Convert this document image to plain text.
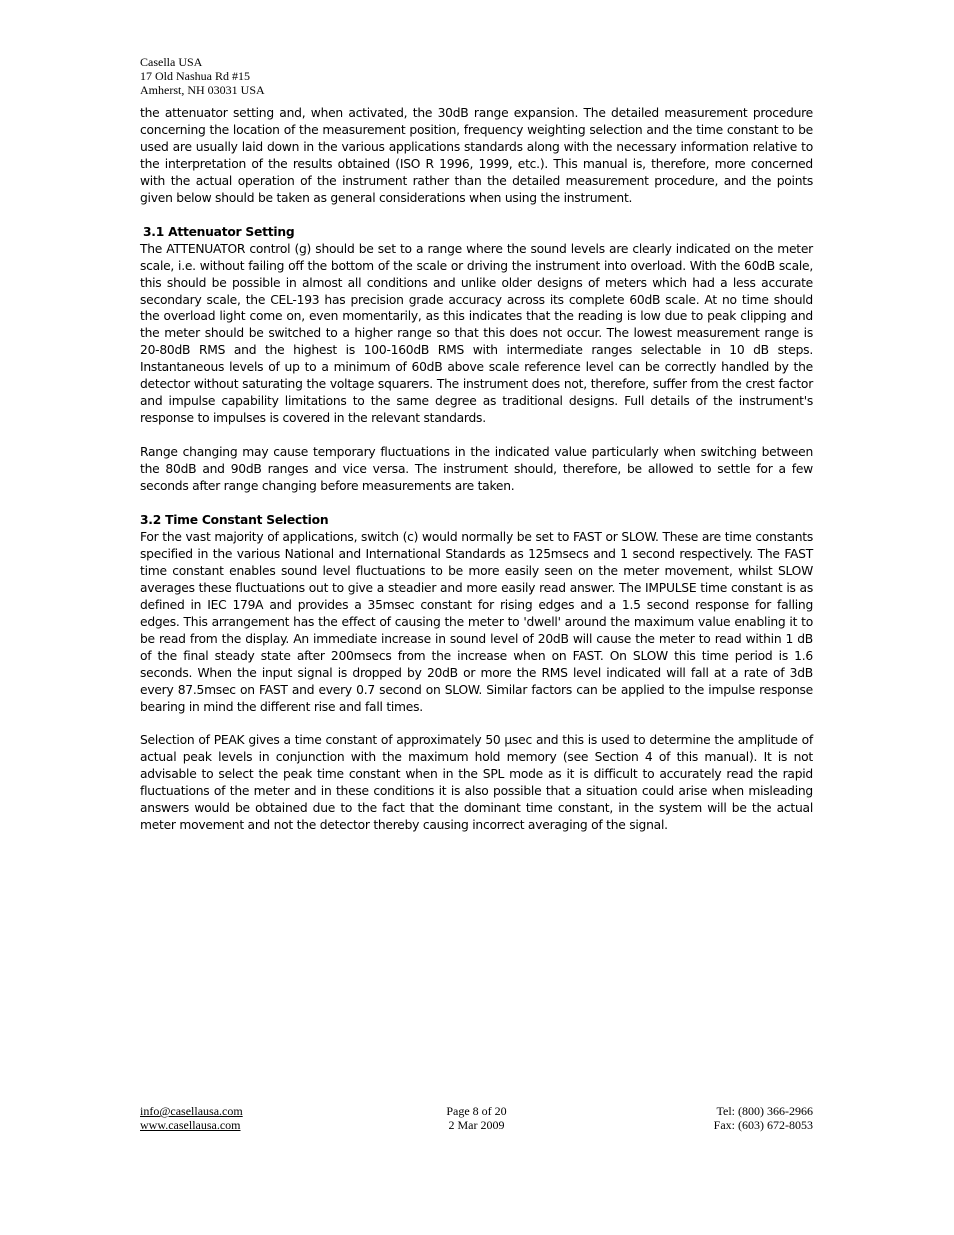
Casella USA
17 Old Nashua Rd #15
Amherst, NH 03031 USA

the attenuator setting and, when activated, the 30dB range expansion. The detailed measurement procedure concerning the location of the measurement position, frequency weighting selection and the time constant to be used are usually laid down in the various applications standards along with the necessary information relative to the interpretation of the results obtained (ISO R 1996, 1999, etc.). This manual is, therefore, more concerned with the actual operation of the instrument rather than the detailed measurement procedure, and the points given below should be taken as general considerations when using the instrument.

3.1 Attenuator Setting

The ATTENUATOR control (g) should be set to a range where the sound levels are clearly indicated on the meter scale, i.e. without failing off the bottom of the scale or driving the instrument into overload. With the 60dB scale, this should be possible in almost all conditions and unlike older designs of meters which had a less accurate secondary scale, the CEL-193 has precision grade accuracy across its complete 60dB scale. At no time should the overload light come on, even momentarily, as this indicates that the reading is low due to peak clipping and the meter should be switched to a higher range so that this does not occur. The lowest measurement range is 20-80dB RMS and the highest is 100-160dB RMS with intermediate ranges selectable in 10 dB steps. Instantaneous levels of up to a minimum of 60dB above scale reference level can be correctly handled by the detector without saturating the voltage squarers. The instrument does not, therefore, suffer from the crest factor and impulse capability limitations to the same degree as traditional designs. Full details of the instrument's response to impulses is covered in the relevant standards.

Range changing may cause temporary fluctuations in the indicated value particularly when switching between the 80dB and 90dB ranges and vice versa. The instrument should, therefore, be allowed to settle for a few seconds after range changing before measurements are taken.

3.2 Time Constant Selection

For the vast majority of applications, switch (c) would normally be set to FAST or SLOW. These are time constants specified in the various National and International Standards as 125msecs and 1 second respectively. The FAST time constant enables sound level fluctuations to be more easily seen on the meter movement, whilst SLOW averages these fluctuations out to give a steadier and more easily read answer. The IMPULSE time constant is as defined in IEC 179A and provides a 35msec constant for rising edges and a 1.5 second response for falling edges. This arrangement has the effect of causing the meter to 'dwell' around the maximum value enabling it to be read from the display. An immediate increase in sound level of 20dB will cause the meter to read within 1 dB of the final steady state after 200msecs from the increase when on FAST. On SLOW this time period is 1.6 seconds. When the input signal is dropped by 20dB or more the RMS level indicated will fall at a rate of 3dB every 87.5msec on FAST and every 0.7 second on SLOW. Similar factors can be applied to the impulse response bearing in mind the different rise and fall times.

Selection of PEAK gives a time constant of approximately 50 µsec and this is used to determine the amplitude of actual peak levels in conjunction with the maximum hold memory (see Section 4 of this manual). It is not advisable to select the peak time constant when in the SPL mode as it is difficult to accurately read the rapid fluctuations of the meter and in these conditions it is also possible that a situation could arise when misleading answers would be obtained due to the fact that the dominant time constant, in the system will be the actual meter movement and not the detector thereby causing incorrect averaging of the signal.

info@casellausa.com
www.casellausa.com
Page 8 of 20
2 Mar 2009
Tel: (800) 366-2966
Fax: (603) 672-8053
